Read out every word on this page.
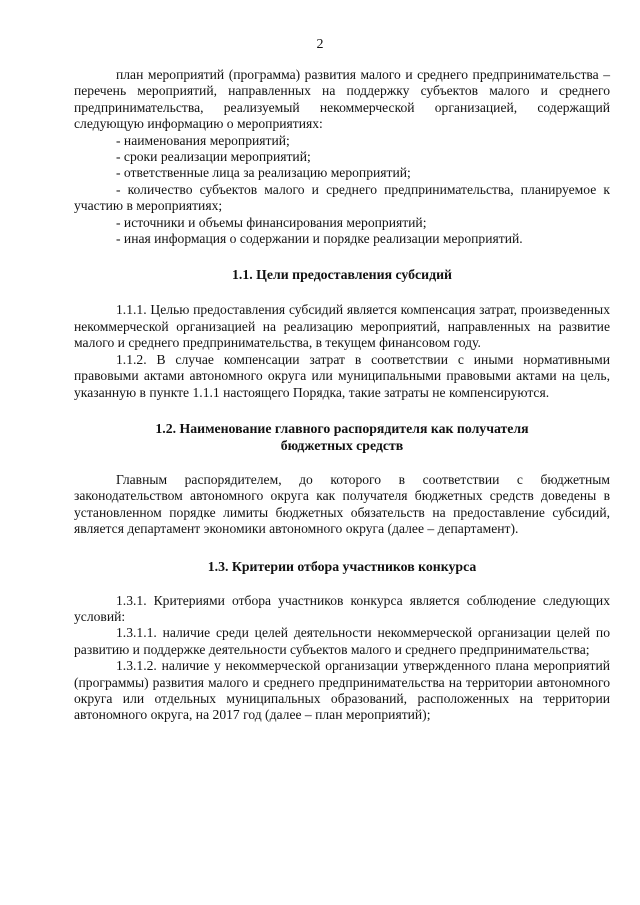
2

план мероприятий (программа) развития малого и среднего предпринимательства – перечень мероприятий, направленных на поддержку субъектов малого и среднего предпринимательства, реализуемый некоммерческой организацией, содержащий следующую информацию о мероприятиях:

- наименования мероприятий;
- сроки реализации мероприятий;
- ответственные лица за реализацию мероприятий;
- количество субъектов малого и среднего предпринимательства, планируемое к участию в мероприятиях;
- источники и объемы финансирования мероприятий;
- иная информация о содержании и порядке реализации мероприятий.
1.1. Цели предоставления субсидий

1.1.1. Целью предоставления субсидий является компенсация затрат, произведенных некоммерческой организацией на реализацию мероприятий, направленных на развитие малого и среднего предпринимательства, в текущем финансовом году.

1.1.2. В случае компенсации затрат в соответствии с иными нормативными правовыми актами автономного округа или муниципальными правовыми актами на цель, указанную в пункте 1.1.1 настоящего Порядка, такие затраты не компенсируются.

1.2. Наименование главного распорядителя как получателя
бюджетных средств

Главным распорядителем, до которого в соответствии с бюджетным законодательством автономного округа как получателя бюджетных средств доведены в установленном порядке лимиты бюджетных обязательств на предоставление субсидий, является департамент экономики автономного округа (далее – департамент).

1.3. Критерии отбора участников конкурса

1.3.1. Критериями отбора участников конкурса является соблюдение следующих условий:

1.3.1.1. наличие среди целей деятельности некоммерческой организации целей по развитию и поддержке деятельности субъектов малого и среднего предпринимательства;

1.3.1.2. наличие у некоммерческой организации утвержденного плана мероприятий (программы) развития малого и среднего предпринимательства на территории автономного округа или отдельных муниципальных образований, расположенных на территории автономного округа, на 2017 год (далее – план мероприятий);
